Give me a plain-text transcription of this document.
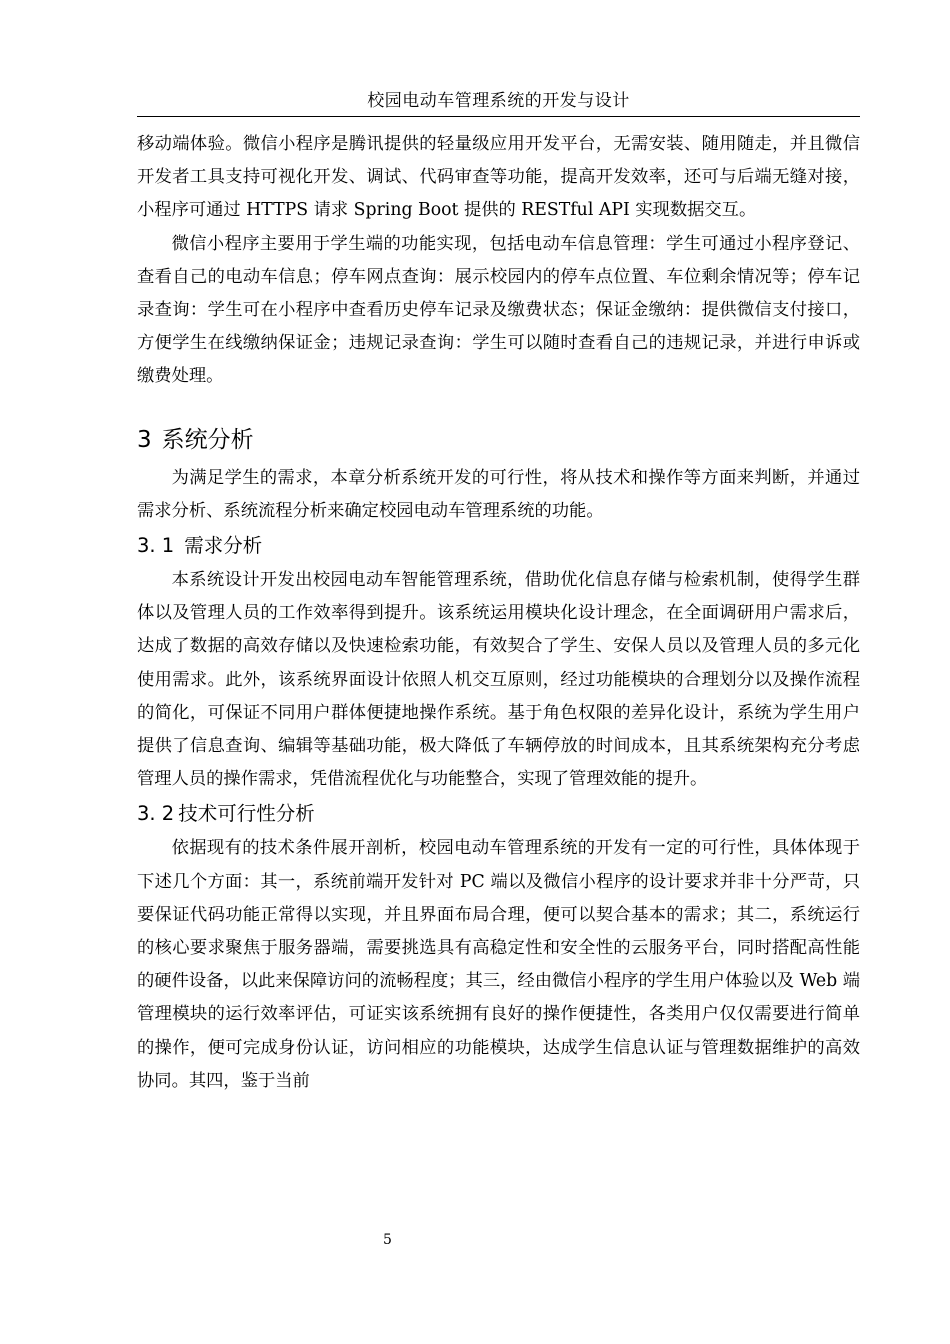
校园电动车管理系统的开发与设计

移动端体验。微信小程序是腾讯提供的轻量级应用开发平台，无需安装、随用随走，并且微信开发者工具支持可视化开发、调试、代码审查等功能，提高开发效率，还可与后端无缝对接，小程序可通过 HTTPS 请求 Spring Boot 提供的 RESTful API 实现数据交互。

微信小程序主要用于学生端的功能实现，包括电动车信息管理：学生可通过小程序登记、查看自己的电动车信息；停车网点查询：展示校园内的停车点位置、车位剩余情况等；停车记录查询：学生可在小程序中查看历史停车记录及缴费状态；保证金缴纳：提供微信支付接口，方便学生在线缴纳保证金；违规记录查询：学生可以随时查看自己的违规记录，并进行申诉或缴费处理。

3 系统分析

为满足学生的需求，本章分析系统开发的可行性，将从技术和操作等方面来判断，并通过需求分析、系统流程分析来确定校园电动车管理系统的功能。

3. 1 需求分析

本系统设计开发出校园电动车智能管理系统，借助优化信息存储与检索机制，使得学生群体以及管理人员的工作效率得到提升。该系统运用模块化设计理念，在全面调研用户需求后，达成了数据的高效存储以及快速检索功能，有效契合了学生、安保人员以及管理人员的多元化使用需求。此外，该系统界面设计依照人机交互原则，经过功能模块的合理划分以及操作流程的简化，可保证不同用户群体便捷地操作系统。基于角色权限的差异化设计，系统为学生用户提供了信息查询、编辑等基础功能，极大降低了车辆停放的时间成本，且其系统架构充分考虑管理人员的操作需求，凭借流程优化与功能整合，实现了管理效能的提升。

3. 2 技术可行性分析

依据现有的技术条件展开剖析，校园电动车管理系统的开发有一定的可行性，具体体现于下述几个方面：其一，系统前端开发针对 PC 端以及微信小程序的设计要求并非十分严苛，只要保证代码功能正常得以实现，并且界面布局合理，便可以契合基本的需求；其二，系统运行的核心要求聚焦于服务器端，需要挑选具有高稳定性和安全性的云服务平台，同时搭配高性能的硬件设备，以此来保障访问的流畅程度；其三，经由微信小程序的学生用户体验以及 Web 端管理模块的运行效率评估，可证实该系统拥有良好的操作便捷性，各类用户仅仅需要进行简单的操作，便可完成身份认证，访问相应的功能模块，达成学生信息认证与管理数据维护的高效协同。其四，鉴于当前

5
